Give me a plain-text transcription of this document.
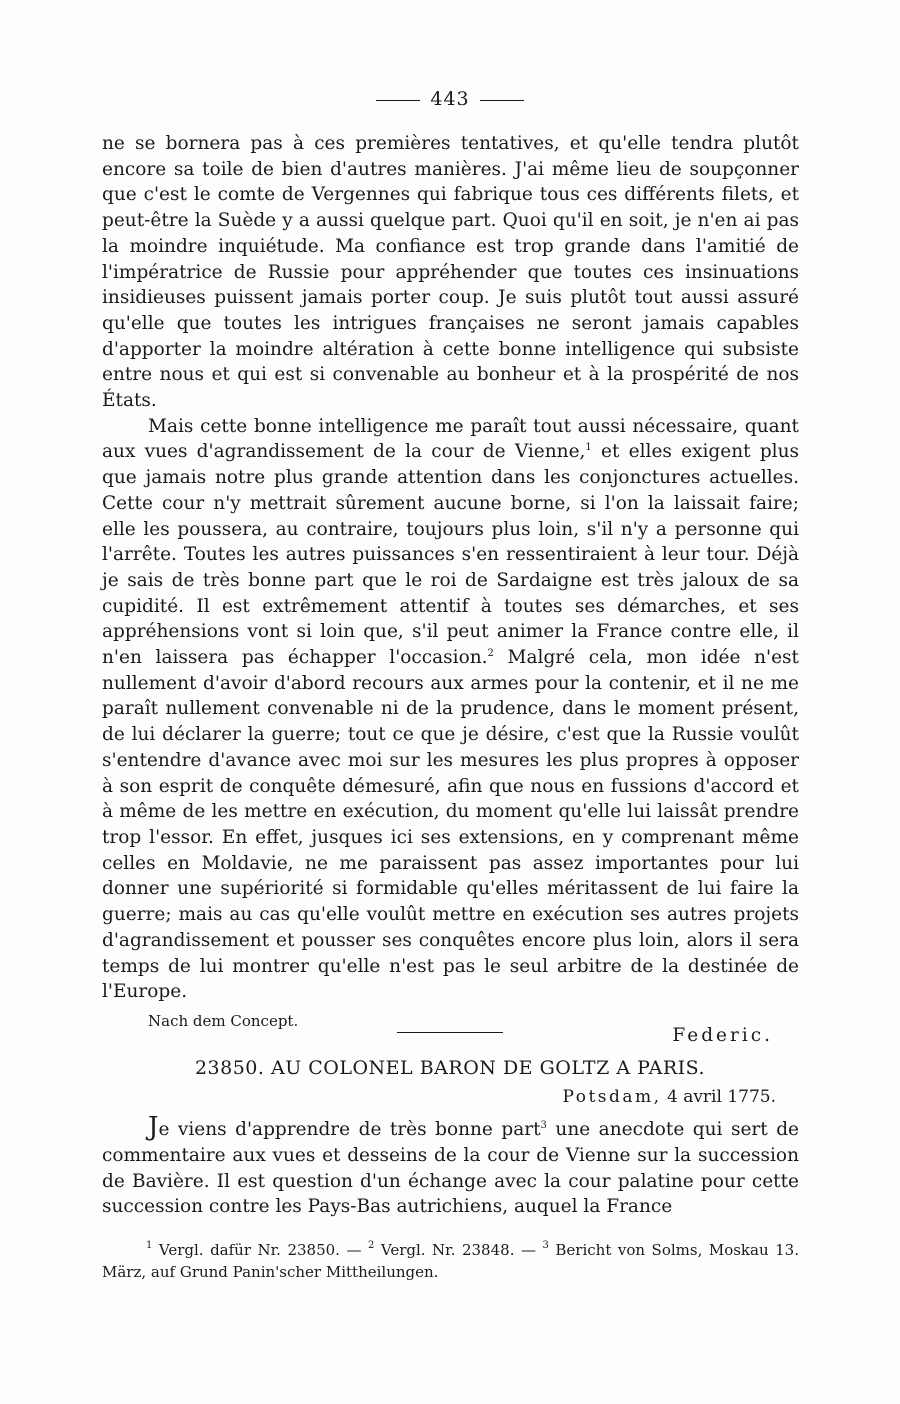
443

ne se bornera pas à ces premières tentatives, et qu'elle tendra plutôt encore sa toile de bien d'autres manières. J'ai même lieu de soupçonner que c'est le comte de Vergennes qui fabrique tous ces différents filets, et peut-être la Suède y a aussi quelque part. Quoi qu'il en soit, je n'en ai pas la moindre inquiétude. Ma confiance est trop grande dans l'amitié de l'impératrice de Russie pour appréhender que toutes ces insinuations insidieuses puissent jamais porter coup. Je suis plutôt tout aussi assuré qu'elle que toutes les intrigues françaises ne seront jamais capables d'apporter la moindre altération à cette bonne intelligence qui subsiste entre nous et qui est si convenable au bonheur et à la prospérité de nos États.

Mais cette bonne intelligence me paraît tout aussi nécessaire, quant aux vues d'agrandissement de la cour de Vienne,$^1$ et elles exigent plus que jamais notre plus grande attention dans les conjonctures actuelles. Cette cour n'y mettrait sûrement aucune borne, si l'on la laissait faire; elle les poussera, au contraire, toujours plus loin, s'il n'y a personne qui l'arrête. Toutes les autres puissances s'en ressentiraient à leur tour. Déjà je sais de très bonne part que le roi de Sardaigne est très jaloux de sa cupidité. Il est extrêmement attentif à toutes ses démarches, et ses appréhensions vont si loin que, s'il peut animer la France contre elle, il n'en laissera pas échapper l'occasion.$^2$ Malgré cela, mon idée n'est nullement d'avoir d'abord recours aux armes pour la contenir, et il ne me paraît nullement convenable ni de la prudence, dans le moment présent, de lui déclarer la guerre; tout ce que je désire, c'est que la Russie voulût s'entendre d'avance avec moi sur les mesures les plus propres à opposer à son esprit de conquête démesuré, afin que nous en fussions d'accord et à même de les mettre en exécution, du moment qu'elle lui laissât prendre trop l'essor. En effet, jusques ici ses extensions, en y comprenant même celles en Moldavie, ne me paraissent pas assez importantes pour lui donner une supériorité si formidable qu'elles méritassent de lui faire la guerre; mais au cas qu'elle voulût mettre en exécution ses autres projets d'agrandissement et pousser ses conquêtes encore plus loin, alors il sera temps de lui montrer qu'elle n'est pas le seul arbitre de la destinée de l'Europe.

Federic.
Nach dem Concept.
23850. AU COLONEL BARON DE GOLTZ A PARIS.
Potsdam, 4 avril 1775.

Je viens d'apprendre de très bonne part$^3$ une anecdote qui sert de commentaire aux vues et desseins de la cour de Vienne sur la succession de Bavière. Il est question d'un échange avec la cour palatine pour cette succession contre les Pays-Bas autrichiens, auquel la France

$^1$ Vergl. dafür Nr. 23850. — $^2$ Vergl. Nr. 23848. — $^3$ Bericht von Solms, Moskau 13. März, auf Grund Panin'scher Mittheilungen.
